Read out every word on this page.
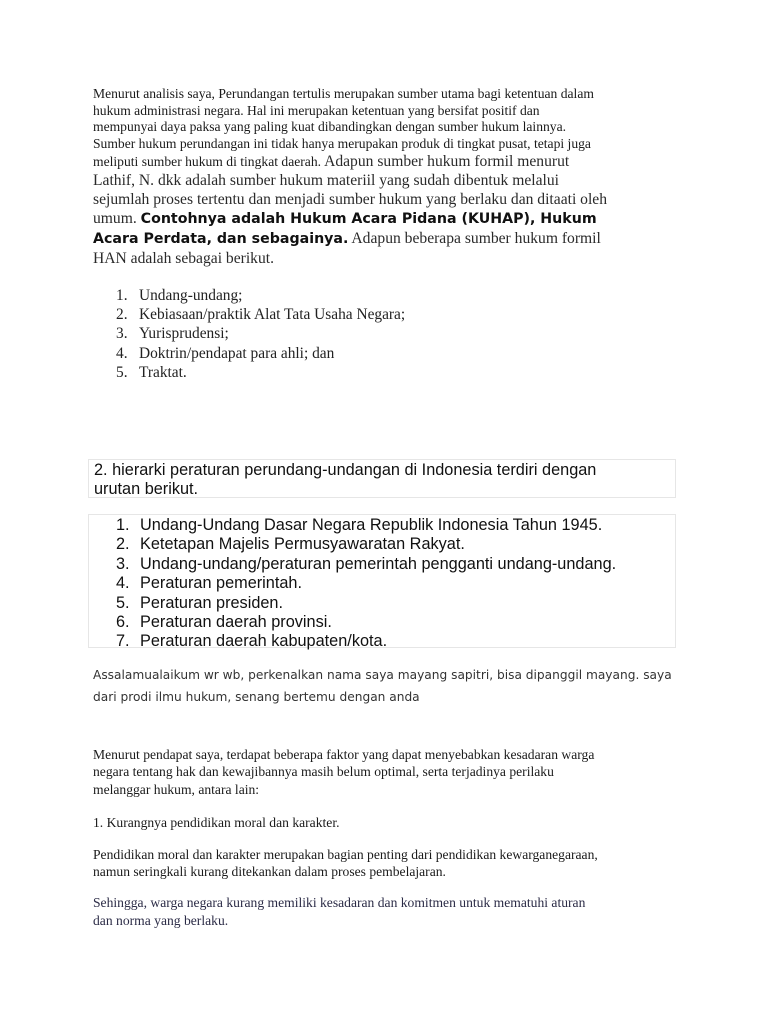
Menurut analisis saya, Perundangan tertulis merupakan sumber utama bagi ketentuan dalam
hukum administrasi negara. Hal ini merupakan ketentuan yang bersifat positif dan
mempunyai daya paksa yang paling kuat dibandingkan dengan sumber hukum lainnya.
Sumber hukum perundangan ini tidak hanya merupakan produk di tingkat pusat, tetapi juga
meliputi sumber hukum di tingkat daerah. Adapun sumber hukum formil menurut
Lathif, N. dkk adalah sumber hukum materiil yang sudah dibentuk melalui
sejumlah proses tertentu dan menjadi sumber hukum yang berlaku dan ditaati oleh
umum. Contohnya adalah Hukum Acara Pidana (KUHAP), Hukum
Acara Perdata, dan sebagainya. Adapun beberapa sumber hukum formil
HAN adalah sebagai berikut.
1. Undang-undang;
2. Kebiasaan/praktik Alat Tata Usaha Negara;
3. Yurisprudensi;
4. Doktrin/pendapat para ahli; dan
5. Traktat.
2. hierarki peraturan perundang-undangan di Indonesia terdiri dengan
urutan berikut.
1. Undang-Undang Dasar Negara Republik Indonesia Tahun 1945.
2. Ketetapan Majelis Permusyawaratan Rakyat.
3. Undang-undang/peraturan pemerintah pengganti undang-undang.
4. Peraturan pemerintah.
5. Peraturan presiden.
6. Peraturan daerah provinsi.
7. Peraturan daerah kabupaten/kota.
Assalamualaikum wr wb, perkenalkan nama saya mayang sapitri, bisa dipanggil mayang. saya
dari prodi ilmu hukum, senang bertemu dengan anda
Menurut pendapat saya, terdapat beberapa faktor yang dapat menyebabkan kesadaran warga
negara tentang hak dan kewajibannya masih belum optimal, serta terjadinya perilaku
melanggar hukum, antara lain:
1. Kurangnya pendidikan moral dan karakter.
Pendidikan moral dan karakter merupakan bagian penting dari pendidikan kewarganegaraan,
namun seringkali kurang ditekankan dalam proses pembelajaran.
Sehingga, warga negara kurang memiliki kesadaran dan komitmen untuk mematuhi aturan
dan norma yang berlaku.
